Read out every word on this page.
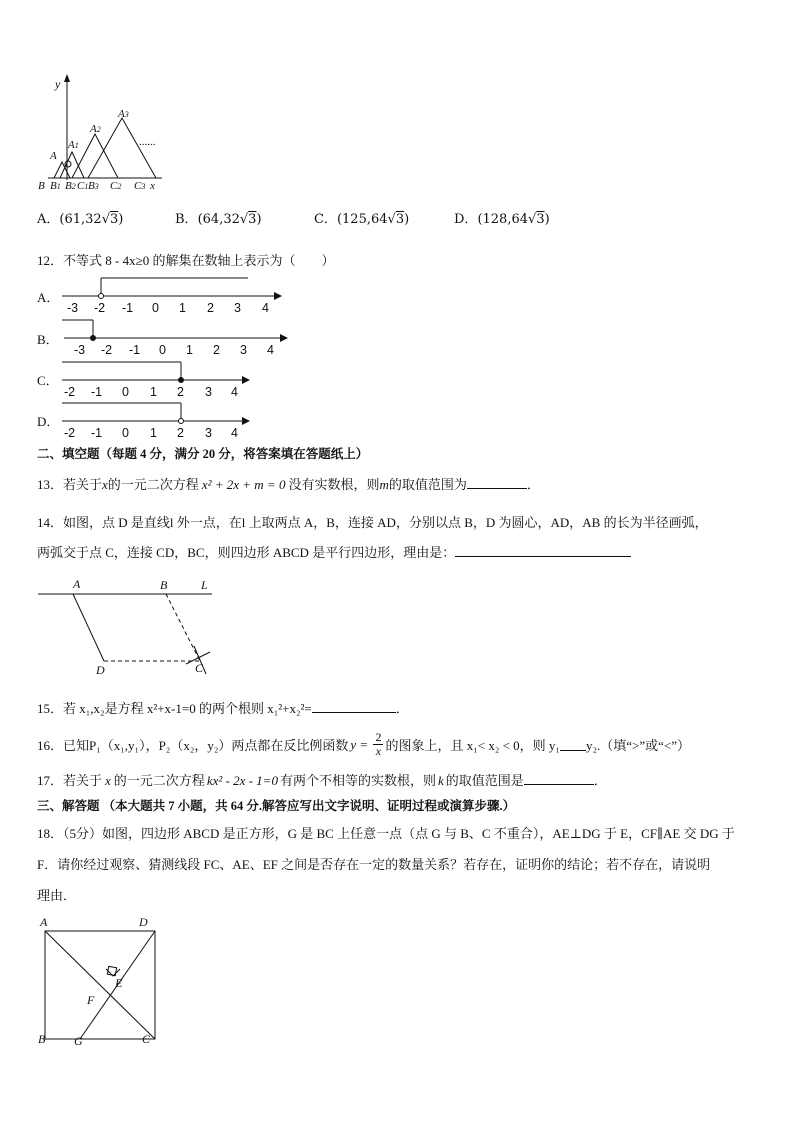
y
A
A1
A2
A3
......
B B1 B2 C1 B3 C2 C3 x
A．(61,32√3)	B．(64,32√3)	C．(125,64√3)	D．(128,64√3)
12．不等式 8 - 4x≥0 的解集在数轴上表示为（　　）
A．
-3 -2 -1 0 1 2 3 4
B．
-3 -2 -1 0 1 2 3 4
C．
-2 -1 0 1 2 3 4
D．
-2 -1 0 1 2 3 4
二、填空题（每题 4 分，满分 20 分，将答案填在答题纸上）
13．若关于x的一元二次方程 x² + 2x + m = 0 没有实数根，则m的取值范围为	．
14．如图，点 D 是直线l 外一点，在l 上取两点 A，B，连接 AD，分别以点 B，D 为圆心，AD，AB 的长为半径画弧，
两弧交于点 C，连接 CD，BC，则四边形 ABCD 是平行四边形，理由是：
A	B	L
D	C
15．若 x₁,x₂是方程 x²+x-1=0 的两个根则 x₁²+x₂²=	．
16．已知P₁（x₁,y₁），P₂（x₂，y₂）两点都在反比例函数 $y = \frac{2}{x}$ 的图象上，且 x₁< x₂ < 0，则 y₁ y₂.（填“>”或“<”）
17．若关于 x 的一元二次方程 kx² - 2x - 1=0 有两个不相等的实数根，则 k 的取值范围是	．
三、解答题 （本大题共 7 小题，共 64 分.解答应写出文字说明、证明过程或演算步骤.）
18．（5分）如图，四边形 ABCD 是正方形，G 是 BC 上任意一点（点 G 与 B、C 不重合），AE⊥DG 于 E，CF∥AE 交 DG 于
F．请你经过观察、猜测线段 FC、AE、EF 之间是否存在一定的数量关系？若存在，证明你的结论；若不存在，请说明
理由．
A	D
B G	C
E
F
